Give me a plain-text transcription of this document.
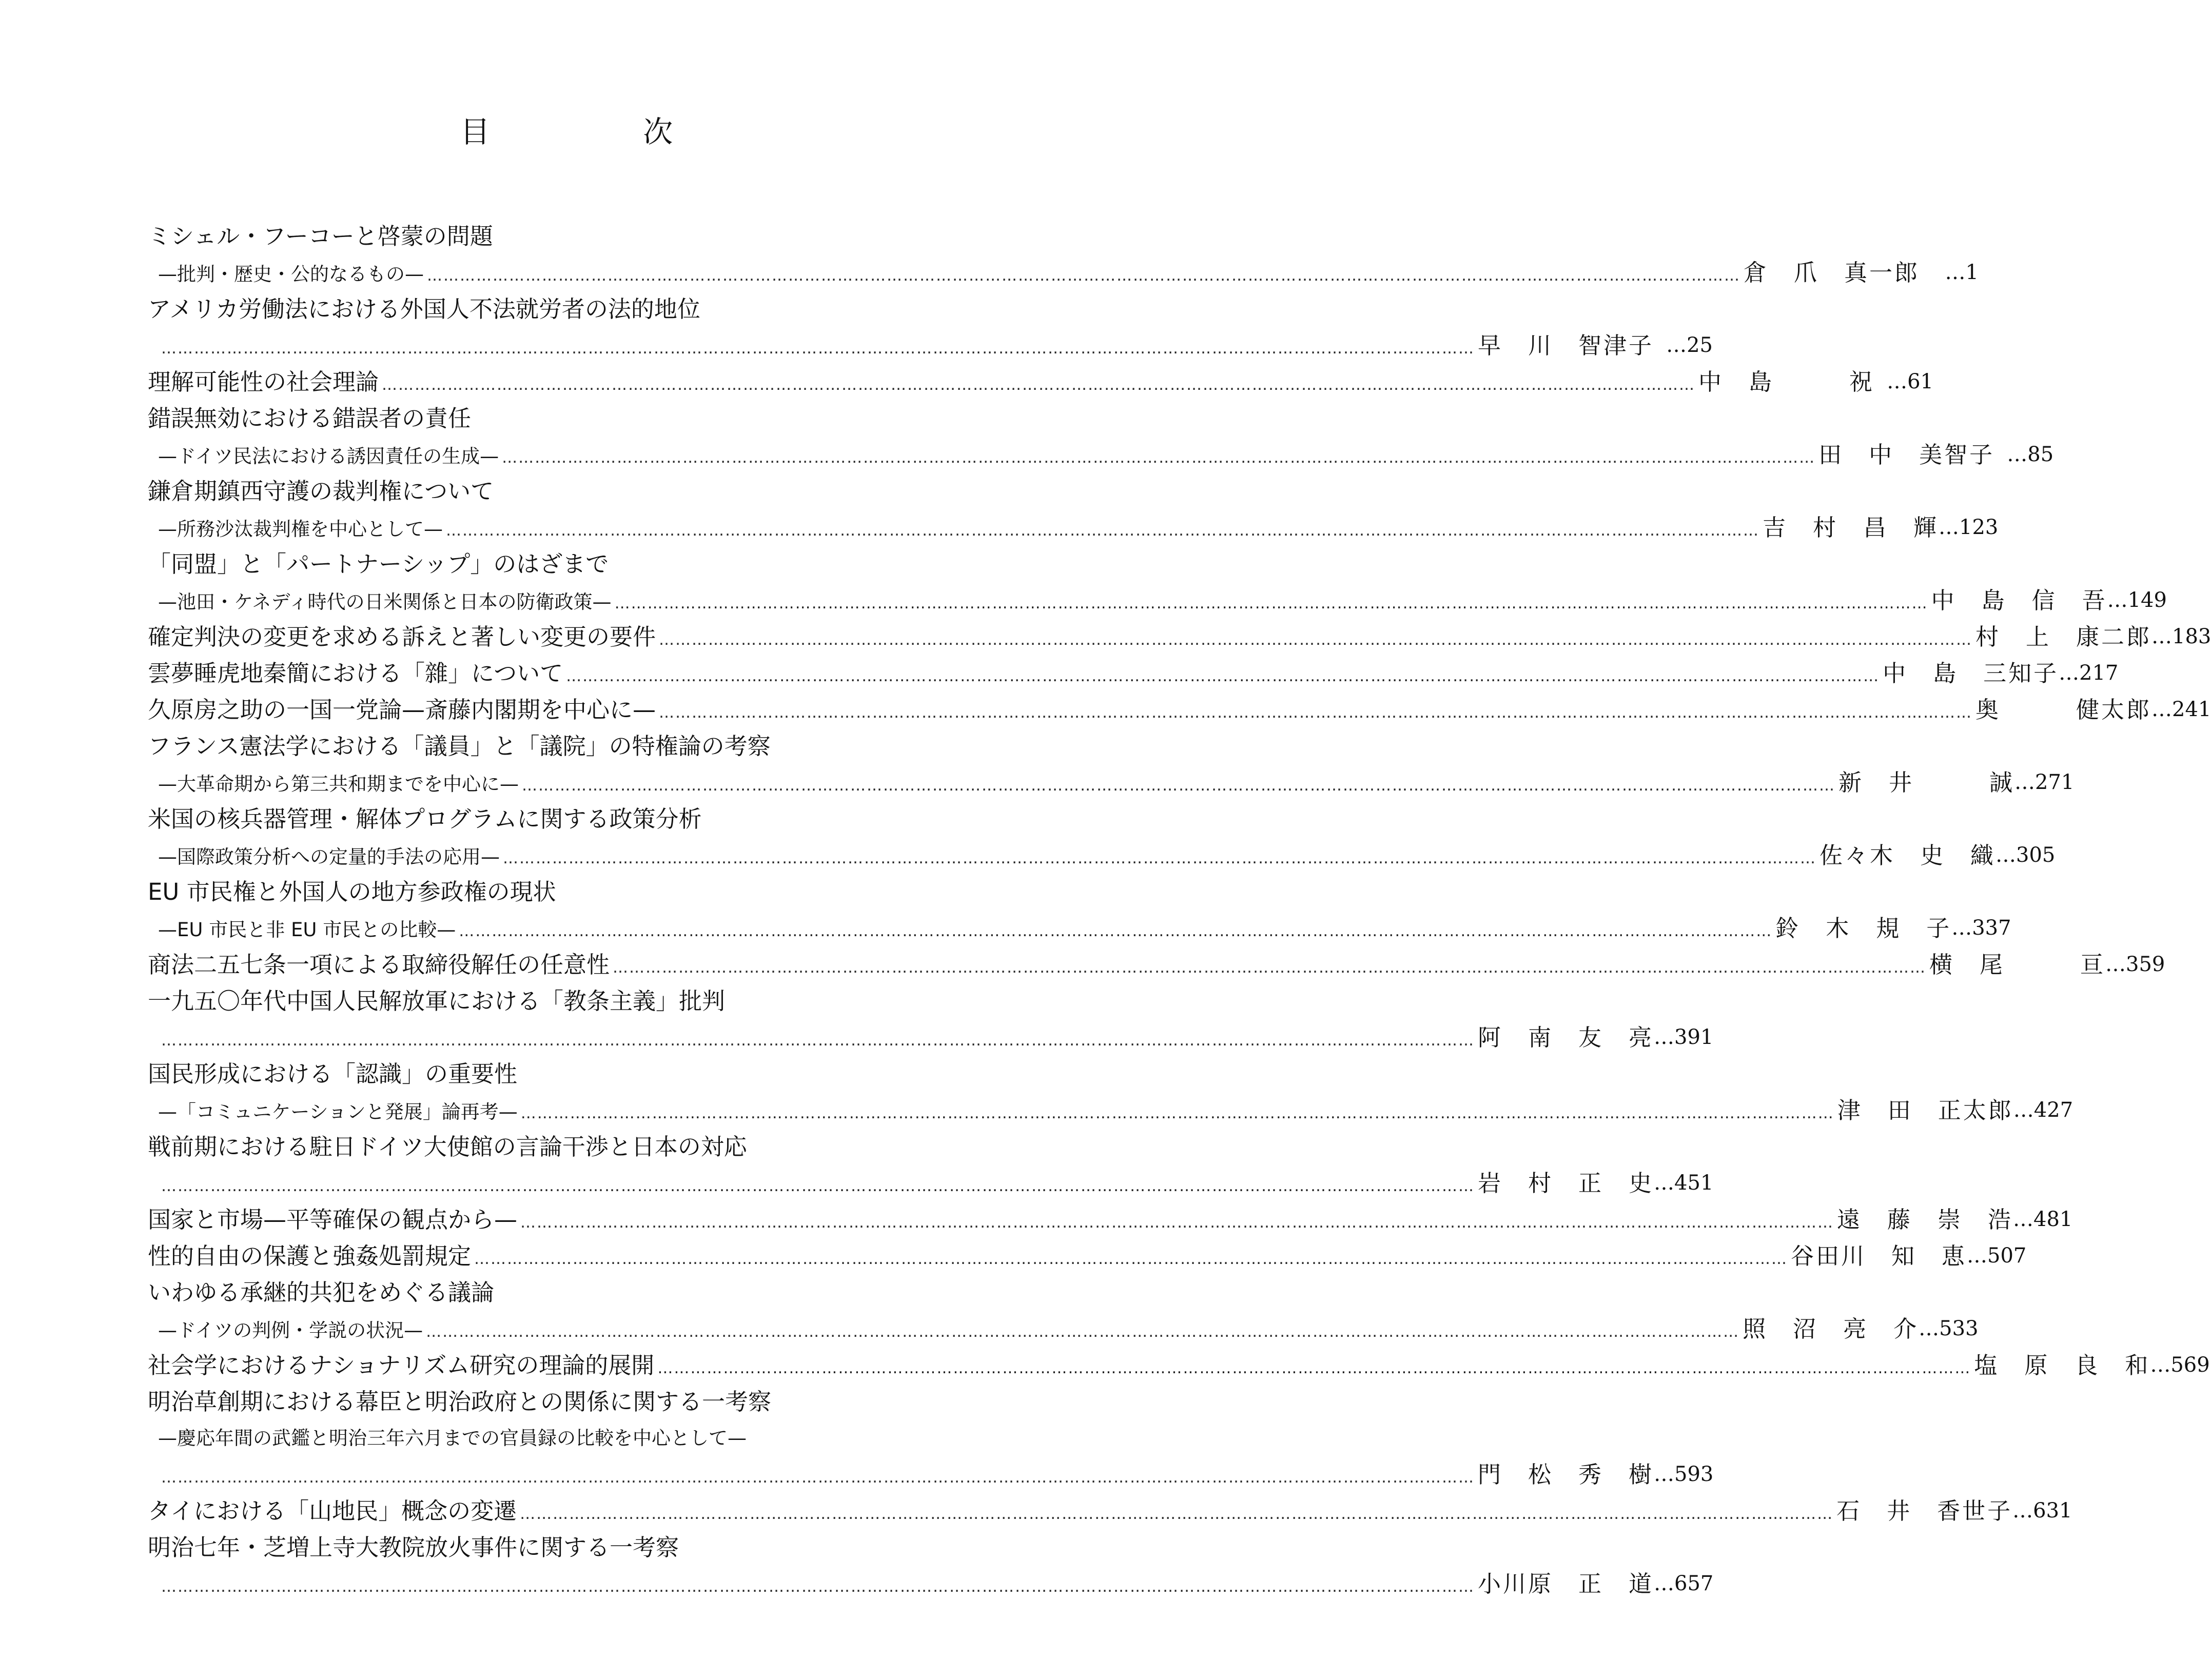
目 次
ミシェル・フーコーと啓蒙の問題
—批判・歴史・公的なるもの— …………………………………………………………………………………………………………………………………………………………………………………………………………………… 倉　爪　真一郎 …1
アメリカ労働法における外国人不法就労者の法的地位
…………………………………………………………………………………………………………………………………………………………………………………………………………………… 早　川　智津子 …25
理解可能性の社会理論 …………………………………………………………………………………………………………………………………………………………………………………………………………………… 中　島　　　祝 …61
錯誤無効における錯誤者の責任
—ドイツ民法における誘因責任の生成— …………………………………………………………………………………………………………………………………………………………………………………………………………………… 田　中　美智子 …85
鎌倉期鎮西守護の裁判権について
—所務沙汰裁判権を中心として— …………………………………………………………………………………………………………………………………………………………………………………………………………………… 吉　村　昌　輝 …123
「同盟」と「パートナーシップ」のはざまで
—池田・ケネディ時代の日米関係と日本の防衛政策— …………………………………………………………………………………………………………………………………………………………………………………………………………………… 中　島　信　吾 …149
確定判決の変更を求める訴えと著しい変更の要件 …………………………………………………………………………………………………………………………………………………………………………………………………………………… 村　上　康二郎 …183
雲夢睡虎地秦簡における「雜」について …………………………………………………………………………………………………………………………………………………………………………………………………………………… 中　島　三知子 …217
久原房之助の一国一党論—斎藤内閣期を中心に— …………………………………………………………………………………………………………………………………………………………………………………………………………………… 奥　　　健太郎 …241
フランス憲法学における「議員」と「議院」の特権論の考察
—大革命期から第三共和期までを中心に— …………………………………………………………………………………………………………………………………………………………………………………………………………………… 新　井　　　誠 …271
米国の核兵器管理・解体プログラムに関する政策分析
—国際政策分析への定量的手法の応用— …………………………………………………………………………………………………………………………………………………………………………………………………………………… 佐々木　史　織 …305
EU 市民権と外国人の地方参政権の現状
—EU 市民と非 EU 市民との比較— …………………………………………………………………………………………………………………………………………………………………………………………………………………… 鈴　木　規　子 …337
商法二五七条一項による取締役解任の任意性 …………………………………………………………………………………………………………………………………………………………………………………………………………………… 横　尾　　　亘 …359
一九五〇年代中国人民解放軍における「教条主義」批判
…………………………………………………………………………………………………………………………………………………………………………………………………………………… 阿　南　友　亮 …391
国民形成における「認識」の重要性
—「コミュニケーションと発展」論再考— …………………………………………………………………………………………………………………………………………………………………………………………………………………… 津　田　正太郎 …427
戦前期における駐日ドイツ大使館の言論干渉と日本の対応
…………………………………………………………………………………………………………………………………………………………………………………………………………………… 岩　村　正　史 …451
国家と市場—平等確保の観点から— …………………………………………………………………………………………………………………………………………………………………………………………………………………… 遠　藤　崇　浩 …481
性的自由の保護と強姦処罰規定 …………………………………………………………………………………………………………………………………………………………………………………………………………………… 谷田川　知　恵 …507
いわゆる承継的共犯をめぐる議論
—ドイツの判例・学説の状況— …………………………………………………………………………………………………………………………………………………………………………………………………………………… 照　沼　亮　介 …533
社会学におけるナショナリズム研究の理論的展開 …………………………………………………………………………………………………………………………………………………………………………………………………………………… 塩　原　良　和 …569
明治草創期における幕臣と明治政府との関係に関する一考察
—慶応年間の武鑑と明治三年六月までの官員録の比較を中心として—
…………………………………………………………………………………………………………………………………………………………………………………………………………………… 門　松　秀　樹 …593
タイにおける「山地民」概念の変遷 …………………………………………………………………………………………………………………………………………………………………………………………………………………… 石　井　香世子 …631
明治七年・芝増上寺大教院放火事件に関する一考察
…………………………………………………………………………………………………………………………………………………………………………………………………………………… 小川原　正　道 …657
